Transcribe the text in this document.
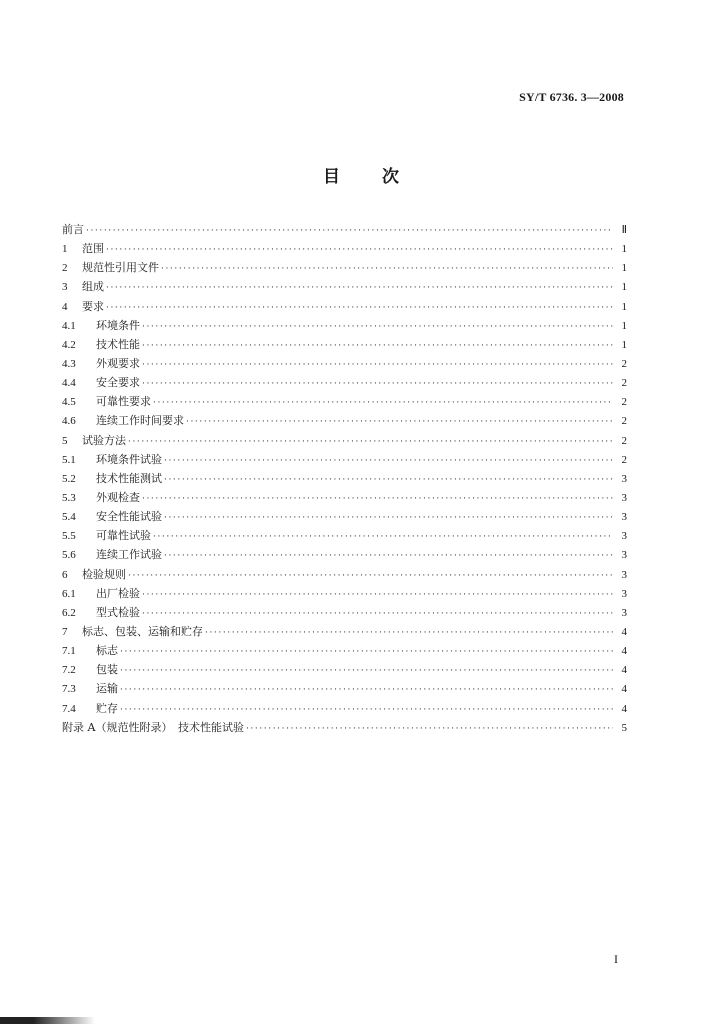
SY/T 6736. 3—2008
目 次
前言 ·····	Ⅱ
1	范围 ·····	1
2	规范性引用文件 ·····	1
3	组成 ·····	1
4	要求 ·····	1
4.1	环境条件 ·····	1
4.2	技术性能 ·····	1
4.3	外观要求 ·····	2
4.4	安全要求 ·····	2
4.5	可靠性要求 ·····	2
4.6	连续工作时间要求 ·····	2
5	试验方法 ·····	2
5.1	环境条件试验 ·····	2
5.2	技术性能测试 ·····	3
5.3	外观检查 ·····	3
5.4	安全性能试验 ·····	3
5.5	可靠性试验 ·····	3
5.6	连续工作试验 ·····	3
6	检验规则 ·····	3
6.1	出厂检验 ·····	3
6.2	型式检验 ·····	3
7	标志、包装、运输和贮存 ·····	4
7.1	标志 ·····	4
7.2	包装 ·····	4
7.3	运输 ·····	4
7.4	贮存 ·····	4
附录 A（规范性附录）　技术性能试验 ·····	5
I
